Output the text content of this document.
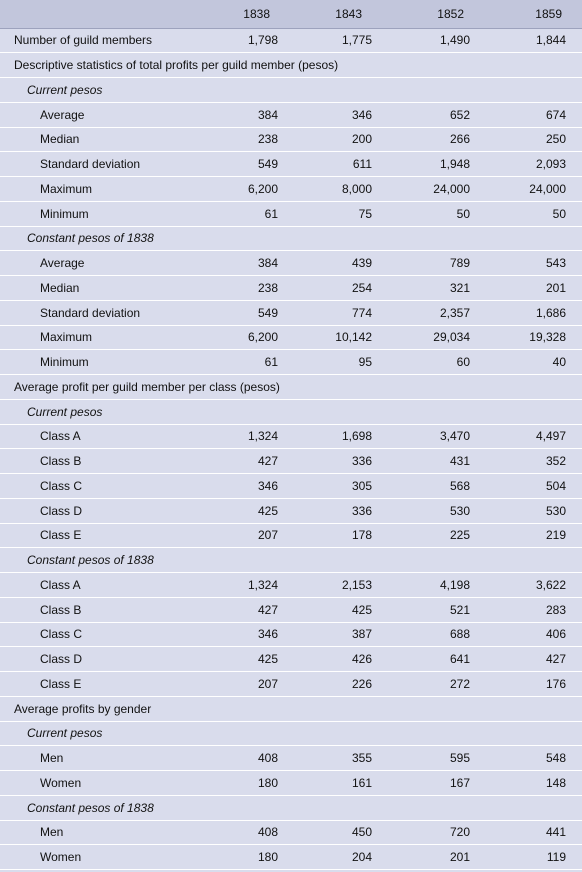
	1838	1843	1852	1859
Number of guild members	1,798	1,775	1,490	1,844
Descriptive statistics of total profits per guild member (pesos)				
Current pesos				
Average	384	346	652	674
Median	238	200	266	250
Standard deviation	549	611	1,948	2,093
Maximum	6,200	8,000	24,000	24,000
Minimum	61	75	50	50
Constant pesos of 1838				
Average	384	439	789	543
Median	238	254	321	201
Standard deviation	549	774	2,357	1,686
Maximum	6,200	10,142	29,034	19,328
Minimum	61	95	60	40
Average profit per guild member per class (pesos)				
Current pesos				
Class A	1,324	1,698	3,470	4,497
Class B	427	336	431	352
Class C	346	305	568	504
Class D	425	336	530	530
Class E	207	178	225	219
Constant pesos of 1838				
Class A	1,324	2,153	4,198	3,622
Class B	427	425	521	283
Class C	346	387	688	406
Class D	425	426	641	427
Class E	207	226	272	176
Average profits by gender				
Current pesos				
Men	408	355	595	548
Women	180	161	167	148
Constant pesos of 1838				
Men	408	450	720	441
Women	180	204	201	119
